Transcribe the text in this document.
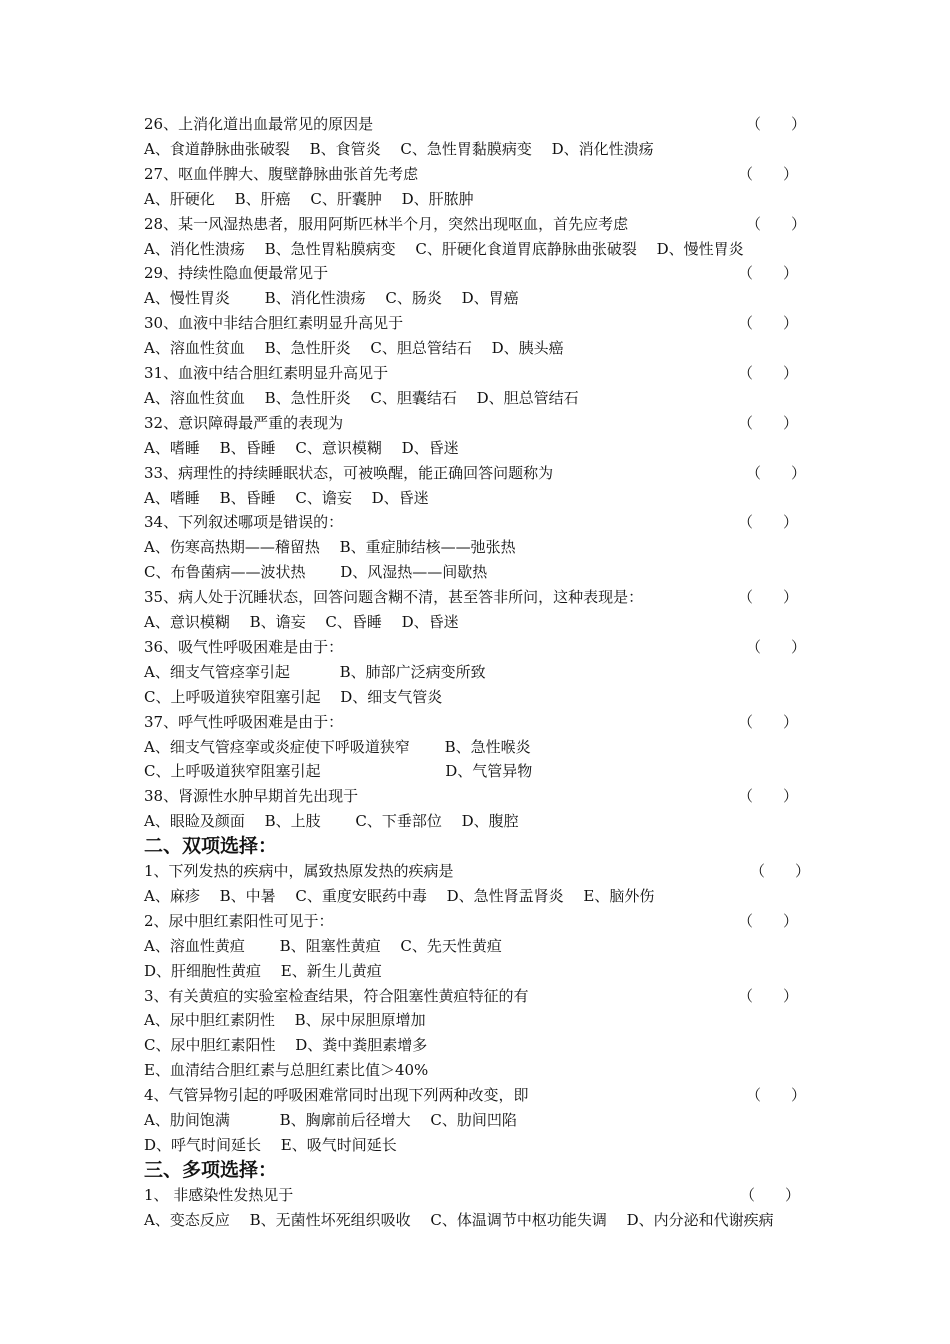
26、上消化道出血最常见的原因是	（　　）
A、食道静脉曲张破裂　 B、食管炎　 C、急性胃黏膜病变　 D、消化性溃疡
27、呕血伴脾大、腹壁静脉曲张首先考虑	（　　）
A、肝硬化　 B、肝癌　 C、肝囊肿　 D、肝脓肿
28、某一风湿热患者，服用阿斯匹林半个月，突然出现呕血，首先应考虑	（　　）
A、消化性溃疡　 B、急性胃粘膜病变　 C、肝硬化食道胃底静脉曲张破裂　 D、慢性胃炎
29、持续性隐血便最常见于	（　　）
A、慢性胃炎　　 B、消化性溃疡　 C、肠炎　 D、胃癌
30、血液中非结合胆红素明显升高见于	（　　）
A、溶血性贫血　 B、急性肝炎　 C、胆总管结石　 D、胰头癌
31、血液中结合胆红素明显升高见于	（　　）
A、溶血性贫血　 B、急性肝炎　 C、胆囊结石　 D、胆总管结石
32、意识障碍最严重的表现为	（　　）
A、嗜睡　 B、昏睡　 C、意识模糊　 D、昏迷
33、病理性的持续睡眠状态，可被唤醒，能正确回答问题称为	（　　）
A、嗜睡　 B、昏睡　 C、谵妄　 D、昏迷
34、下列叙述哪项是错误的：	（　　）
A、伤寒高热期——稽留热　 B、重症肺结核——弛张热
C、布鲁菌病——波状热　　 D、风湿热——间歇热
35、病人处于沉睡状态，回答问题含糊不清，甚至答非所问，这种表现是：	（　　）
A、意识模糊　 B、谵妄　 C、昏睡　 D、昏迷
36、吸气性呼吸困难是由于：	（　　）
A、细支气管痉挛引起　　　 B、肺部广泛病变所致
C、上呼吸道狭窄阻塞引起　 D、细支气管炎
37、呼气性呼吸困难是由于：	（　　）
A、细支气管痉挛或炎症使下呼吸道狭窄　　 B、急性喉炎
C、上呼吸道狭窄阻塞引起　　　　　　　　 D、气管异物
38、肾源性水肿早期首先出现于	（　　）
A、眼睑及颜面　 B、上肢　　 C、下垂部位　 D、腹腔
二、双项选择：
1、下列发热的疾病中，属致热原发热的疾病是	（　　）
A、麻疹　 B、中暑　 C、重度安眠药中毒　 D、急性肾盂肾炎　 E、脑外伤
2、尿中胆红素阳性可见于：	（　　）
A、溶血性黄疸　　 B、阻塞性黄疸　 C、先天性黄疸
D、肝细胞性黄疸　 E、新生儿黄疸
3、有关黄疸的实验室检查结果，符合阻塞性黄疸特征的有	（　　）
A、尿中胆红素阴性　 B、尿中尿胆原增加
C、尿中胆红素阳性　 D、粪中粪胆素增多
E、血清结合胆红素与总胆红素比值＞40%
4、气管异物引起的呼吸困难常同时出现下列两种改变，即	（　　）
A、肋间饱满　　　 B、胸廓前后径增大　 C、肋间凹陷
D、呼气时间延长　 E、吸气时间延长
三、多项选择：
1、 非感染性发热见于	（　　）
A、变态反应　 B、无菌性坏死组织吸收　 C、体温调节中枢功能失调　 D、内分泌和代谢疾病
